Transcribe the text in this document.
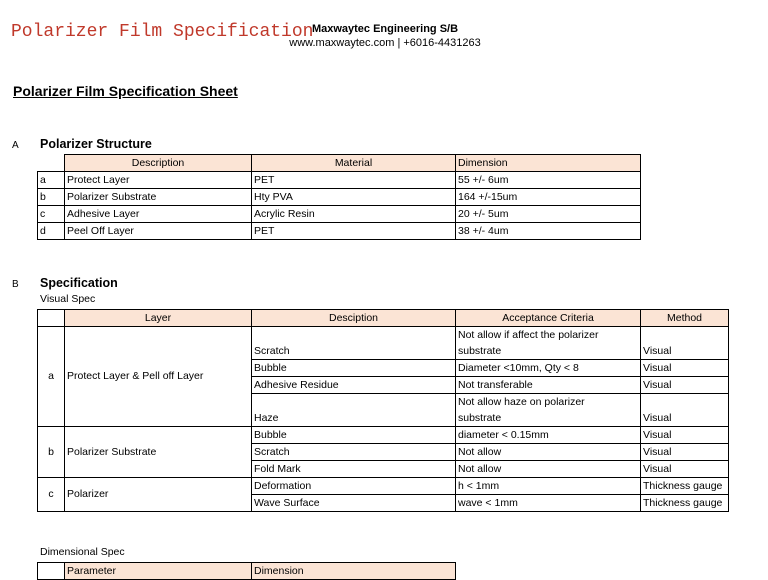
Polarizer Film Specification
Maxwaytec Engineering S/B
www.maxwaytec.com | +6016-4431263
Polarizer Film Specification Sheet
A Polarizer Structure
	Description	Material	Dimension
a	Protect Layer	PET	55 +/- 6um
b	Polarizer Substrate	Hty PVA	164 +/-15um
c	Adhesive Layer	Acrylic Resin	20 +/- 5um
d	Peel Off Layer	PET	38 +/- 4um
B Specification
Visual Spec
	Layer	Desciption	Acceptance Criteria	Method
a	Protect Layer & Pell off Layer	Scratch	Not allow if affect the polarizer	Visual
			substrate	
		Bubble	Diameter <10mm, Qty < 8	Visual
		Adhesive Residue	Not transferable	Visual
		Haze	Not allow haze on polarizer	Visual
			substrate	
b	Polarizer Substrate	Bubble	diameter < 0.15mm	Visual
		Scratch	Not allow	Visual
		Fold Mark	Not allow	Visual
c	Polarizer	Deformation	h < 1mm	Thickness gauge
		Wave Surface	wave < 1mm	Thickness gauge
Dimensional Spec
	Parameter	Dimension
